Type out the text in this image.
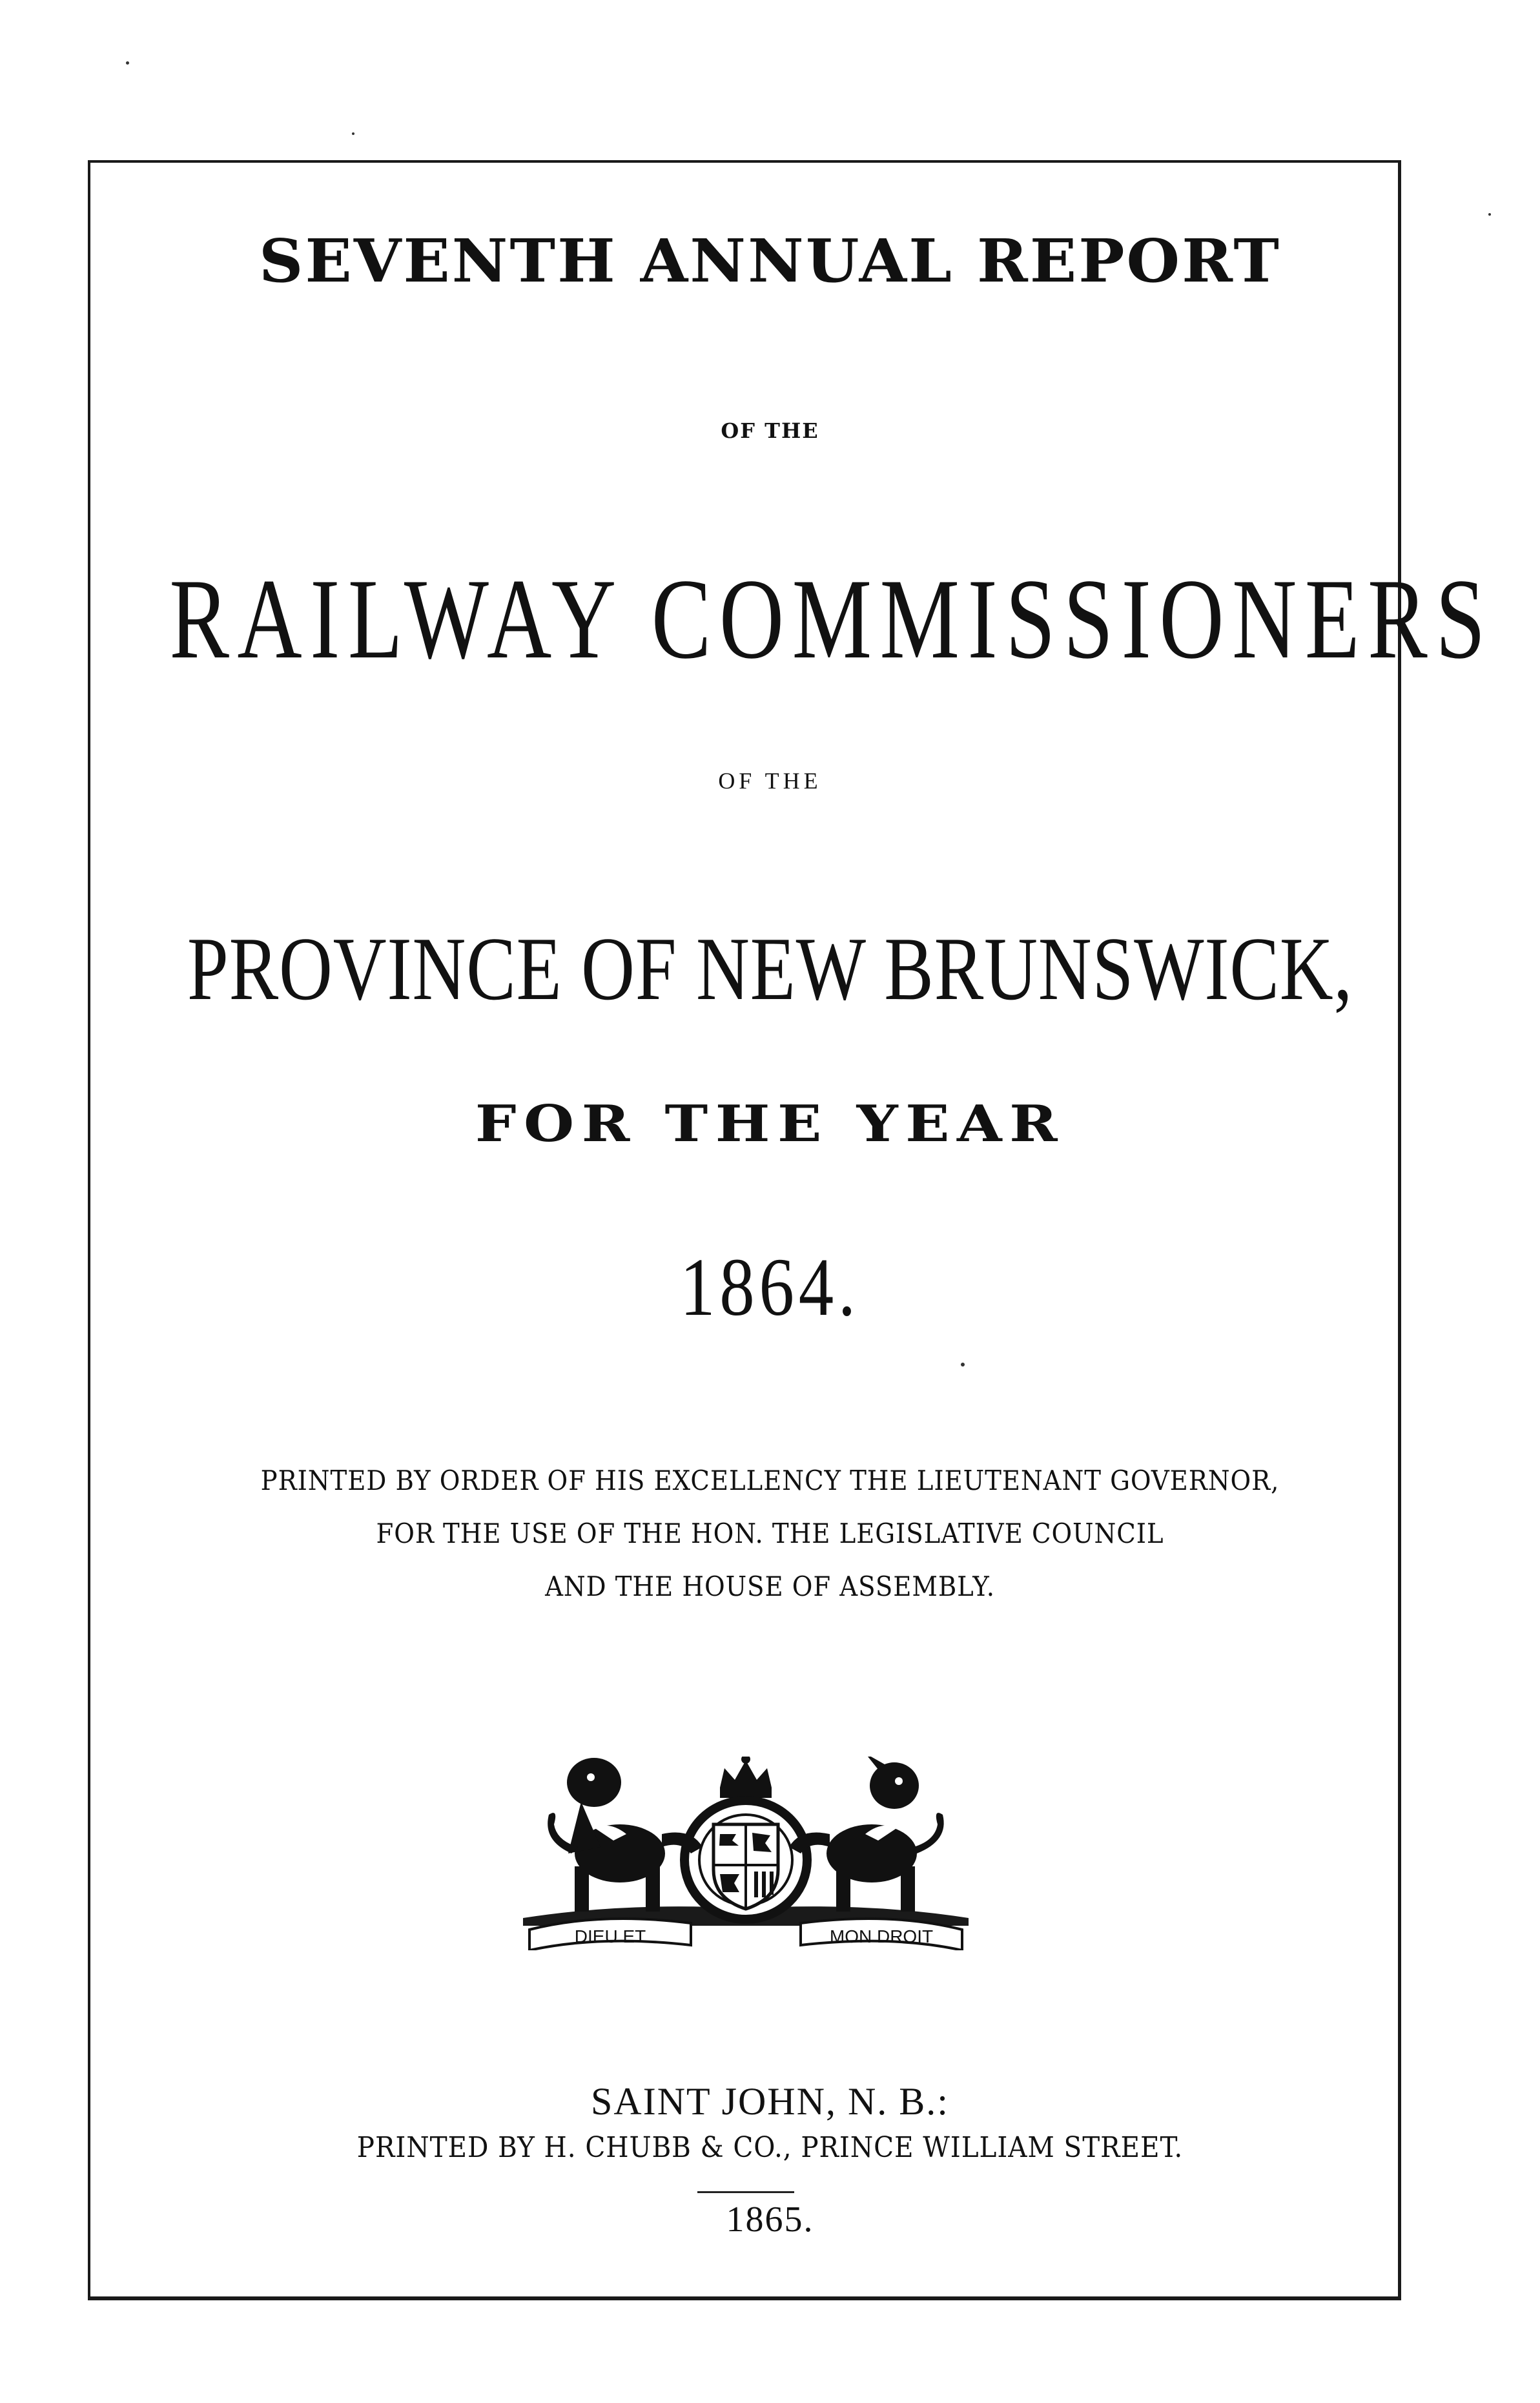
SEVENTH ANNUAL REPORT
OF THE
RAILWAY COMMISSIONERS
OF THE
PROVINCE OF NEW BRUNSWICK,
FOR THE YEAR
1864.
PRINTED BY ORDER OF HIS EXCELLENCY THE LIEUTENANT GOVERNOR,
FOR THE USE OF THE HON. THE LEGISLATIVE COUNCIL
AND THE HOUSE OF ASSEMBLY.
DIEU ET	MON DROIT
SAINT JOHN, N. B.:
PRINTED BY H. CHUBB & CO., PRINCE WILLIAM STREET.
1865.
